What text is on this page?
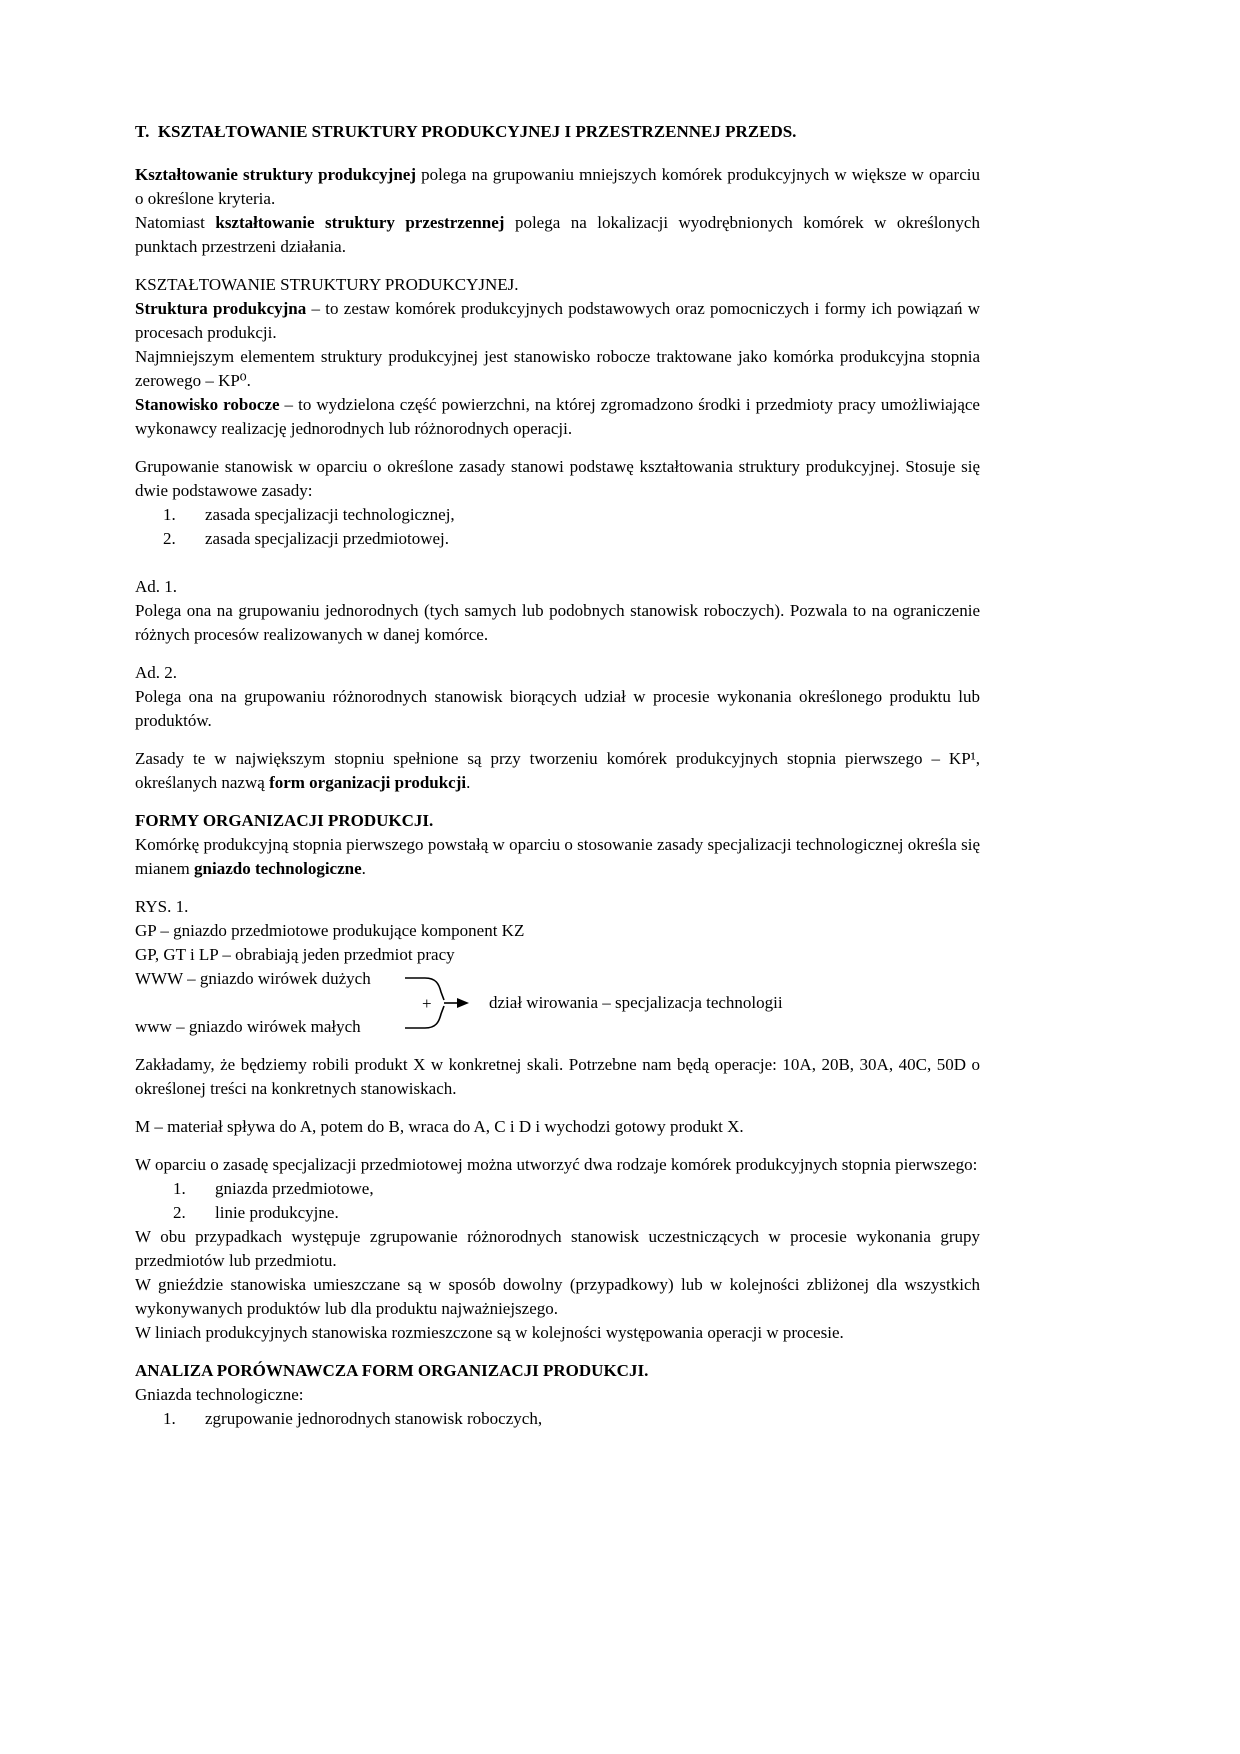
T.  KSZTAŁTOWANIE STRUKTURY PRODUKCYJNEJ I PRZESTRZENNEJ PRZEDS.

Kształtowanie struktury produkcyjnej polega na grupowaniu mniejszych komórek produkcyjnych w większe w oparciu o określone kryteria.

Natomiast kształtowanie struktury przestrzennej polega na lokalizacji wyodrębnionych komórek w określonych punktach przestrzeni działania.

KSZTAŁTOWANIE STRUKTURY PRODUKCYJNEJ.

Struktura produkcyjna – to zestaw komórek produkcyjnych podstawowych oraz pomocniczych i formy ich powiązań w procesach produkcji.

Najmniejszym elementem struktury produkcyjnej jest stanowisko robocze traktowane jako komórka produkcyjna stopnia zerowego – KP⁰.

Stanowisko robocze – to wydzielona część powierzchni, na której zgromadzono środki i przedmioty pracy umożliwiające wykonawcy realizację jednorodnych lub różnorodnych operacji.

Grupowanie stanowisk w oparciu o określone zasady stanowi podstawę kształtowania struktury produkcyjnej. Stosuje się dwie podstawowe zasady:

1.	zasada specjalizacji technologicznej,
2.	zasada specjalizacji przedmiotowej.

Ad. 1.

Polega ona na grupowaniu jednorodnych (tych samych lub podobnych stanowisk roboczych). Pozwala to na ograniczenie różnych procesów realizowanych w danej komórce.

Ad. 2.

Polega ona na grupowaniu różnorodnych stanowisk biorących udział w procesie wykonania określonego produktu lub produktów.

Zasady te w największym stopniu spełnione są przy tworzeniu komórek produkcyjnych stopnia pierwszego – KP¹, określanych nazwą form organizacji produkcji.

FORMY ORGANIZACJI PRODUKCJI.

Komórkę produkcyjną stopnia pierwszego powstałą w oparciu o stosowanie zasady specjalizacji technologicznej określa się mianem gniazdo technologiczne.

RYS. 1.

GP – gniazdo przedmiotowe produkujące komponent KZ

GP, GT i LP – obrabiają jeden przedmiot pracy

WWW – gniazdo wirówek dużych

www – gniazdo wirówek małych

+	dział wirowania – specjalizacja technologii

Zakładamy, że będziemy robili produkt X w konkretnej skali. Potrzebne nam będą operacje: 10A, 20B, 30A, 40C, 50D o określonej treści na konkretnych stanowiskach.

M – materiał spływa do A, potem do B, wraca do A, C i D i wychodzi gotowy produkt X.

W oparciu o zasadę specjalizacji przedmiotowej można utworzyć dwa rodzaje komórek produkcyjnych stopnia pierwszego:

1.	gniazda przedmiotowe,
2.	linie produkcyjne.

W obu przypadkach występuje zgrupowanie różnorodnych stanowisk uczestniczących w procesie wykonania grupy przedmiotów lub przedmiotu.

W gnieździe stanowiska umieszczane są w sposób dowolny (przypadkowy) lub w kolejności zbliżonej dla wszystkich wykonywanych produktów lub dla produktu najważniejszego.

W liniach produkcyjnych stanowiska rozmieszczone są w kolejności występowania operacji w procesie.

ANALIZA PORÓWNAWCZA FORM ORGANIZACJI PRODUKCJI.

Gniazda technologiczne:

1.	zgrupowanie jednorodnych stanowisk roboczych,
